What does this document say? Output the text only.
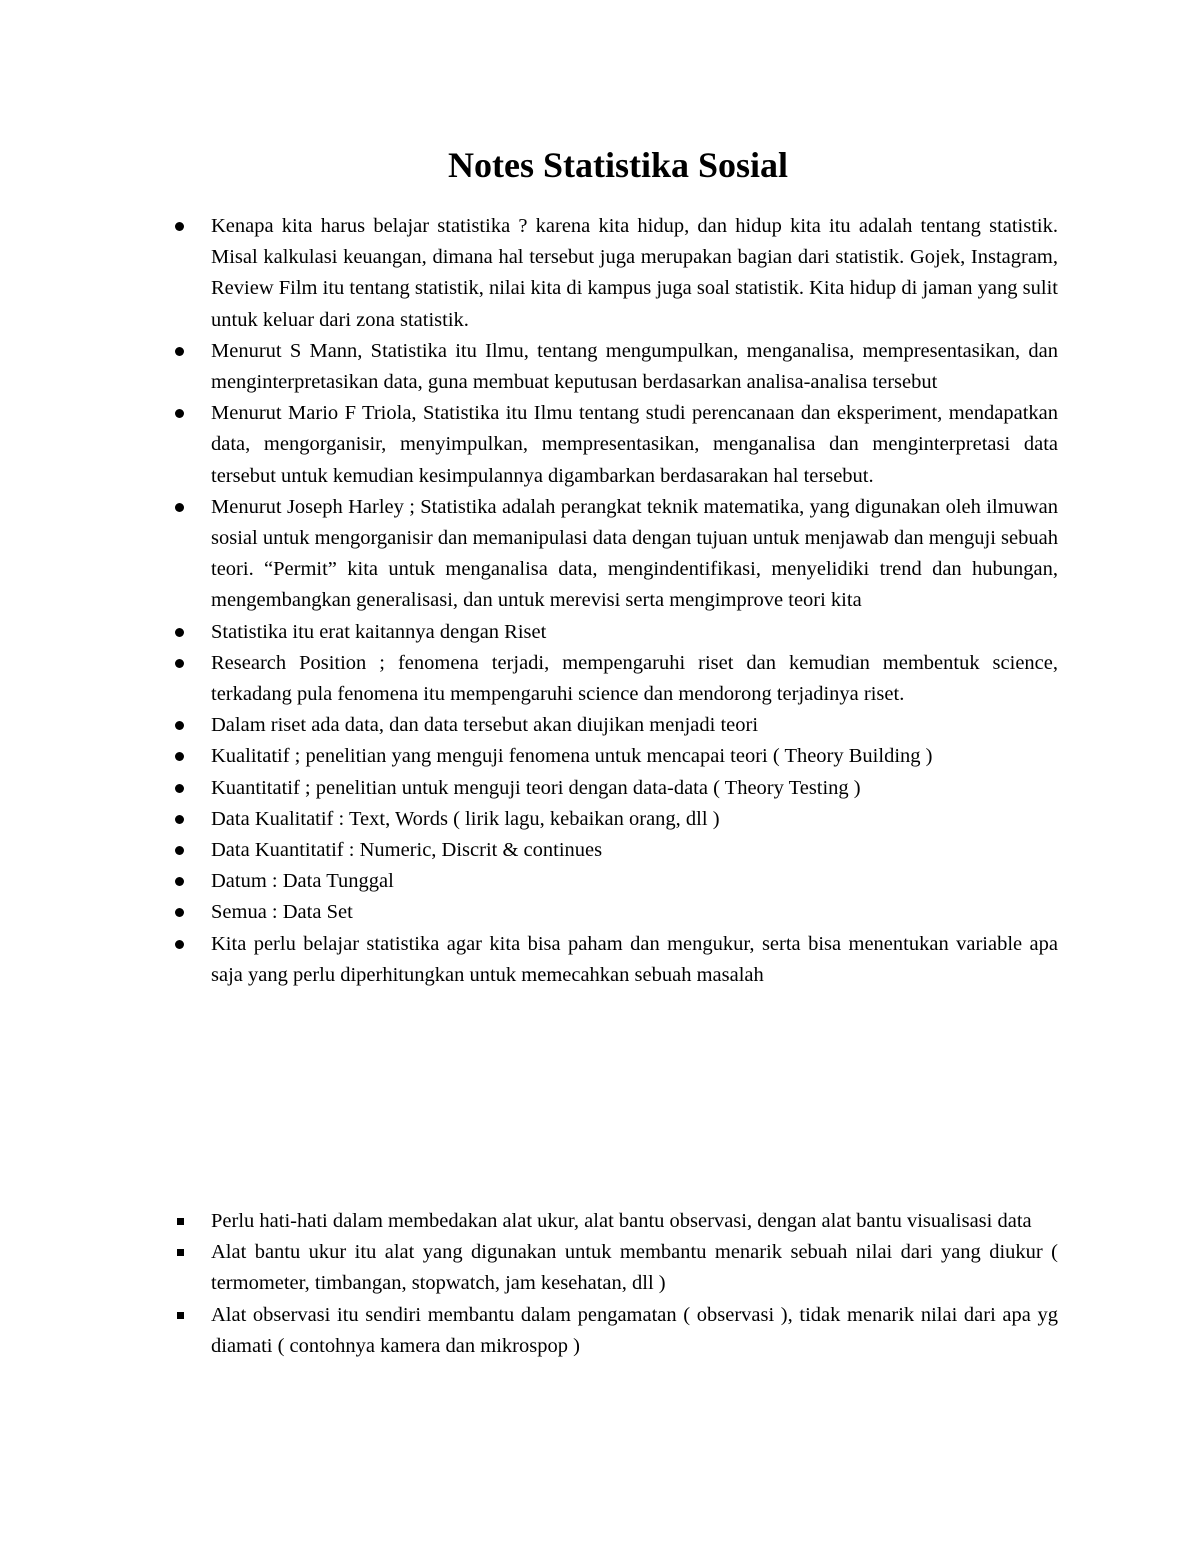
Notes Statistika Sosial
Kenapa kita harus belajar statistika ? karena kita hidup, dan hidup kita itu adalah tentang statistik. Misal kalkulasi keuangan, dimana hal tersebut juga merupakan bagian dari statistik. Gojek, Instagram, Review Film itu tentang statistik, nilai kita di kampus juga soal statistik. Kita hidup di jaman yang sulit untuk keluar dari zona statistik.
Menurut S Mann, Statistika itu Ilmu, tentang mengumpulkan, menganalisa, mempresentasikan, dan menginterpretasikan data, guna membuat keputusan berdasarkan analisa-analisa tersebut
Menurut Mario F Triola, Statistika itu Ilmu tentang studi perencanaan dan eksperiment, mendapatkan data, mengorganisir, menyimpulkan, mempresentasikan, menganalisa dan menginterpretasi data tersebut untuk kemudian kesimpulannya digambarkan berdasarakan hal tersebut.
Menurut Joseph Harley ; Statistika adalah perangkat teknik matematika, yang digunakan oleh ilmuwan sosial untuk mengorganisir dan memanipulasi data dengan tujuan untuk menjawab dan menguji sebuah teori. “Permit” kita untuk menganalisa data, mengindentifikasi, menyelidiki trend dan hubungan, mengembangkan generalisasi, dan untuk merevisi serta mengimprove teori kita
Statistika itu erat kaitannya dengan Riset
Research Position ; fenomena terjadi, mempengaruhi riset dan kemudian membentuk science, terkadang pula fenomena itu mempengaruhi science dan mendorong terjadinya riset.
Dalam riset ada data, dan data tersebut akan diujikan menjadi teori
Kualitatif ; penelitian yang menguji fenomena untuk mencapai teori ( Theory Building )
Kuantitatif ; penelitian untuk menguji teori dengan data-data ( Theory Testing )
Data Kualitatif : Text, Words ( lirik lagu, kebaikan orang, dll )
Data Kuantitatif : Numeric, Discrit & continues
Datum : Data Tunggal
Semua : Data Set
Kita perlu belajar statistika agar kita bisa paham dan mengukur, serta bisa menentukan variable apa saja yang perlu diperhitungkan untuk memecahkan sebuah masalah
Perlu hati-hati dalam membedakan alat ukur, alat bantu observasi, dengan alat bantu visualisasi data
Alat bantu ukur itu alat yang digunakan untuk membantu menarik sebuah nilai dari yang diukur ( termometer, timbangan, stopwatch, jam kesehatan, dll )
Alat observasi itu sendiri membantu dalam pengamatan ( observasi ), tidak menarik nilai dari apa yg diamati ( contohnya kamera dan mikrospop )
